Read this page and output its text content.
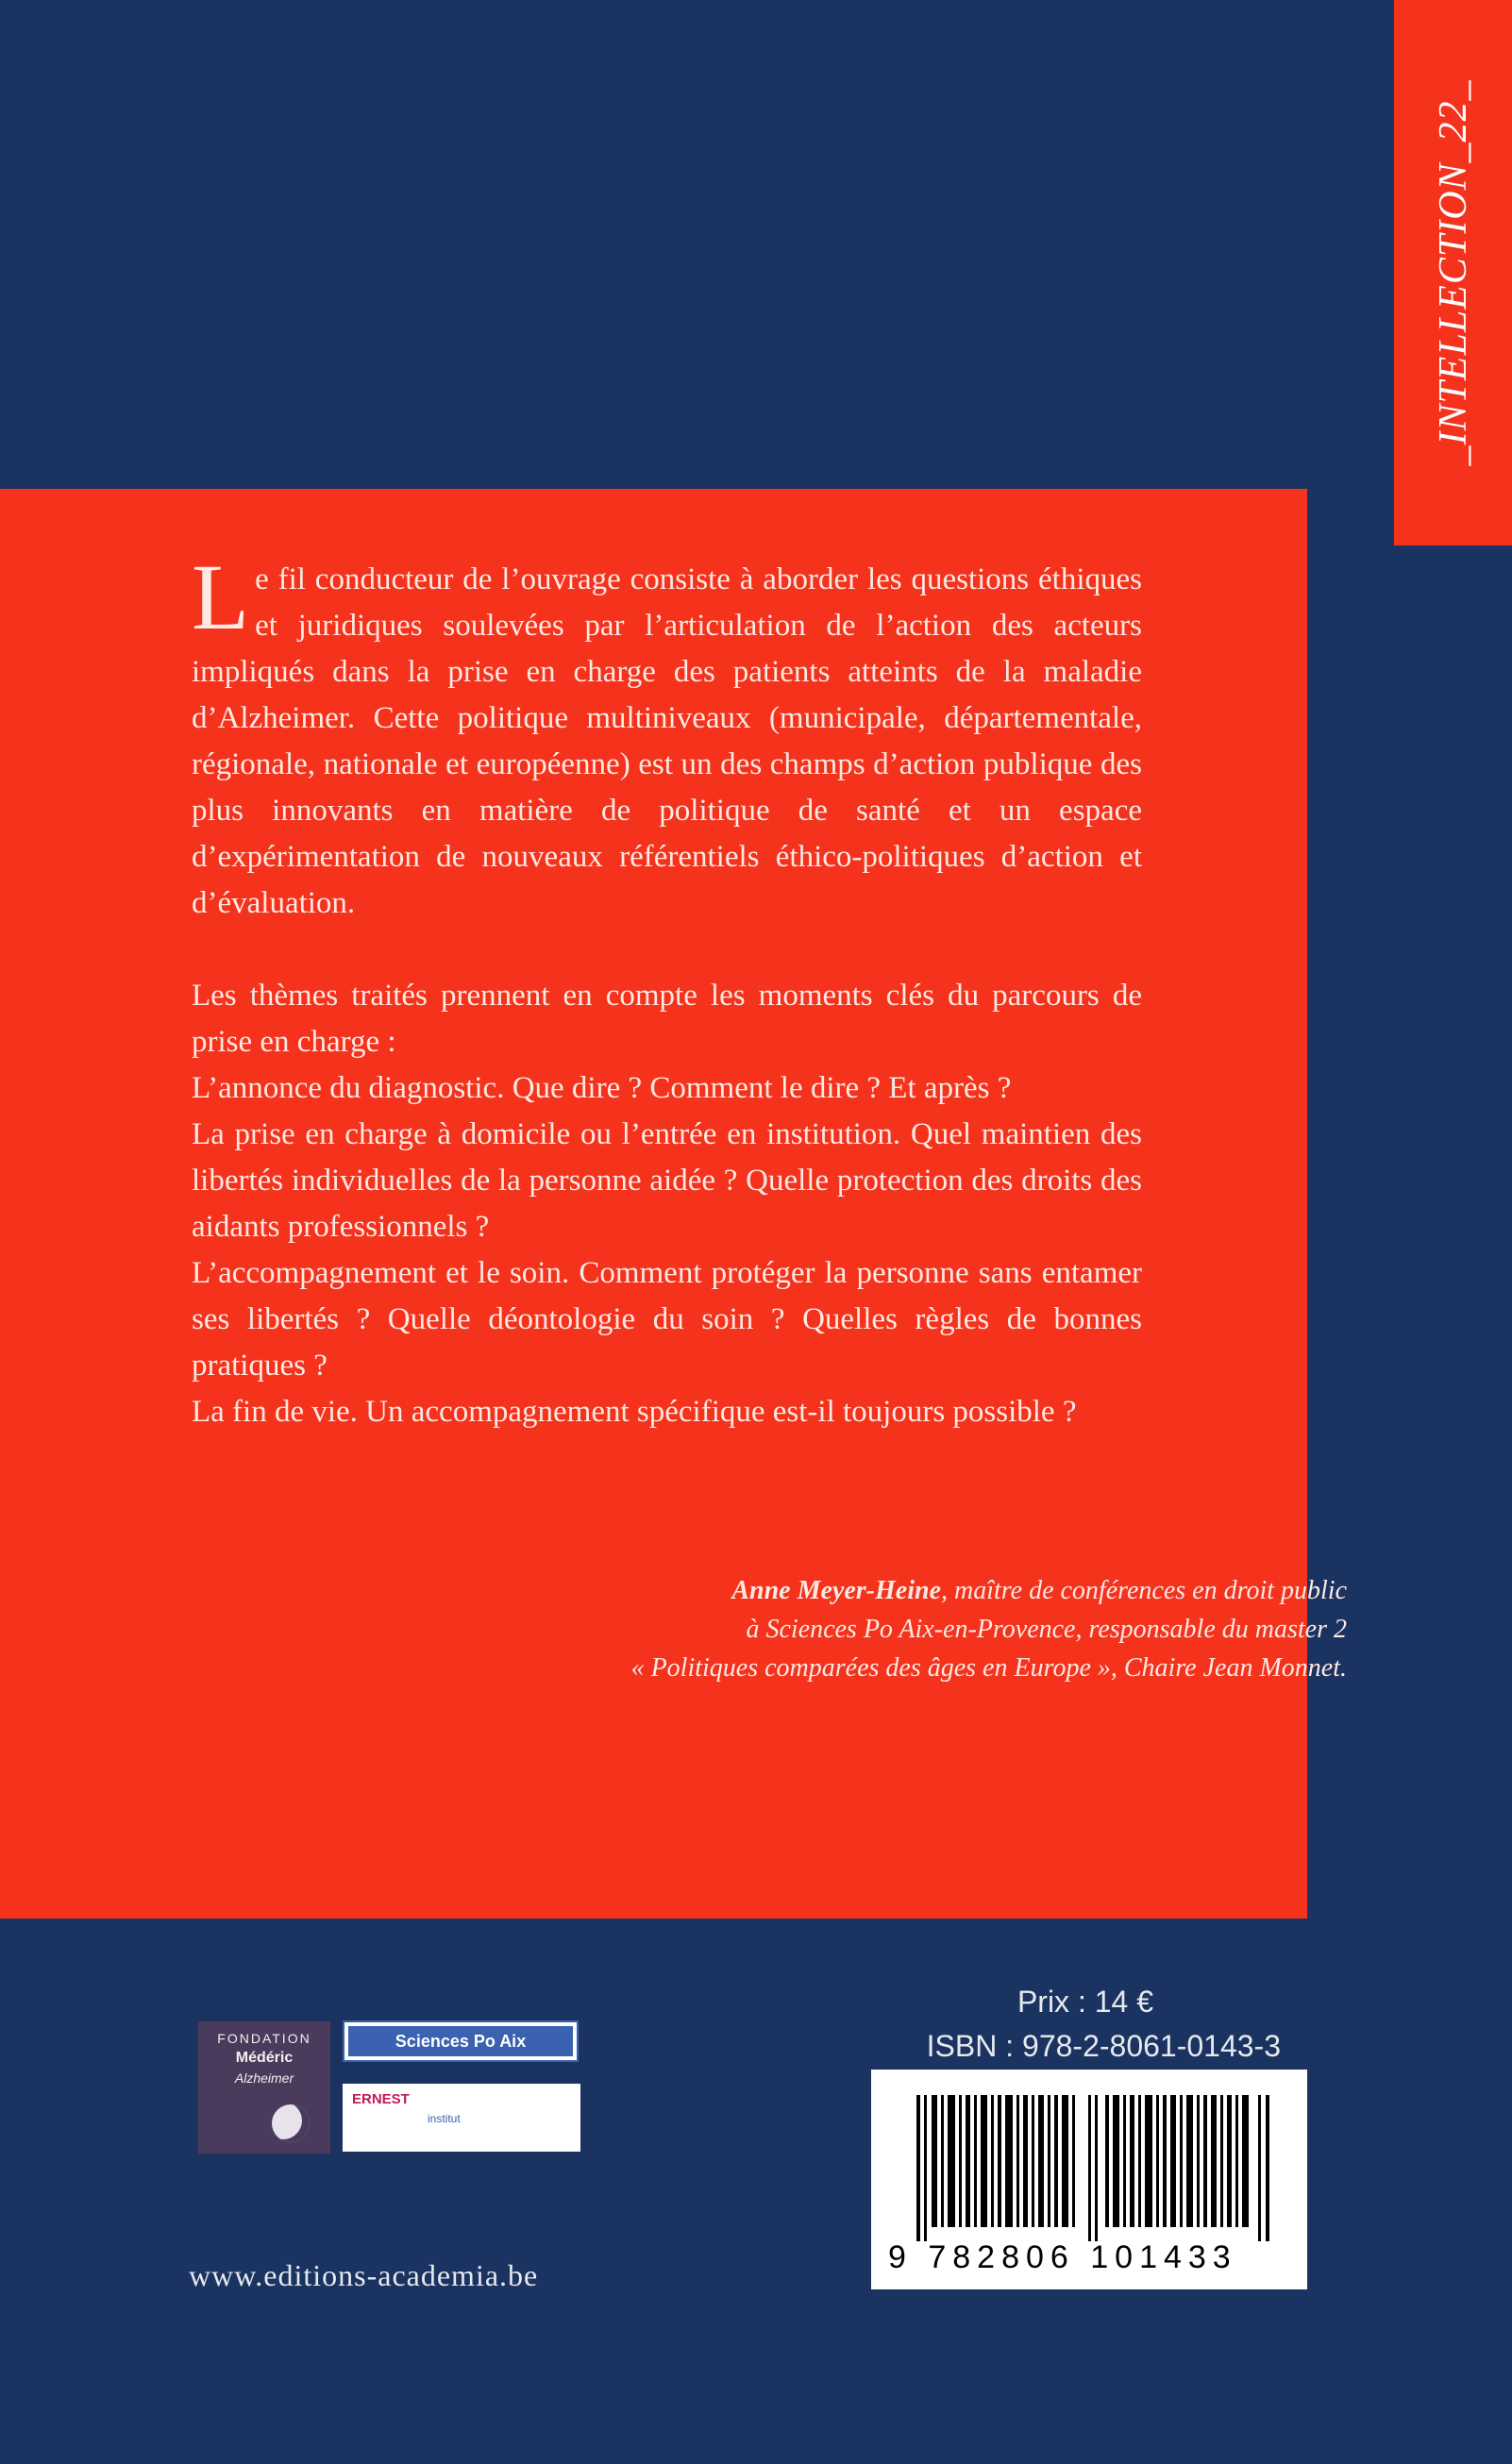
_INTELLECTION_22_

Le fil conducteur de l’ouvrage consiste à aborder les questions éthiques et juridiques soulevées par l’articulation de l’action des acteurs impliqués dans la prise en charge des patients atteints de la maladie d’Alzheimer. Cette politique multiniveaux (municipale, départementale, régionale, nationale et européenne) est un des champs d’action publique des plus innovants en matière de politique de santé et un espace d’expérimentation de nouveaux référentiels éthico-politiques d’action et d’évaluation.

Les thèmes traités prennent en compte les moments clés du parcours de prise en charge :

L’annonce du diagnostic. Que dire ? Comment le dire ? Et après ?

La prise en charge à domicile ou l’entrée en institution. Quel maintien des libertés individuelles de la personne aidée ? Quelle protection des droits des aidants professionnels ?

L’accompagnement et le soin. Comment protéger la personne sans entamer ses libertés ? Quelle déontologie du soin ? Quelles règles de bonnes pratiques ?

La fin de vie. Un accompagnement spécifique est-il toujours possible ?

Anne Meyer-Heine, maître de conférences en droit public
à Sciences Po Aix-en-Provence, responsable du master 2
« Politiques comparées des âges en Europe », Chaire Jean Monnet.
FONDATION
Médéric
Alzheimer
Sciences Po Aix
ERNEST
institut
Prix : 14 €
ISBN : 978-2-8061-0143-3
9 782806 101433
www.editions-academia.be
